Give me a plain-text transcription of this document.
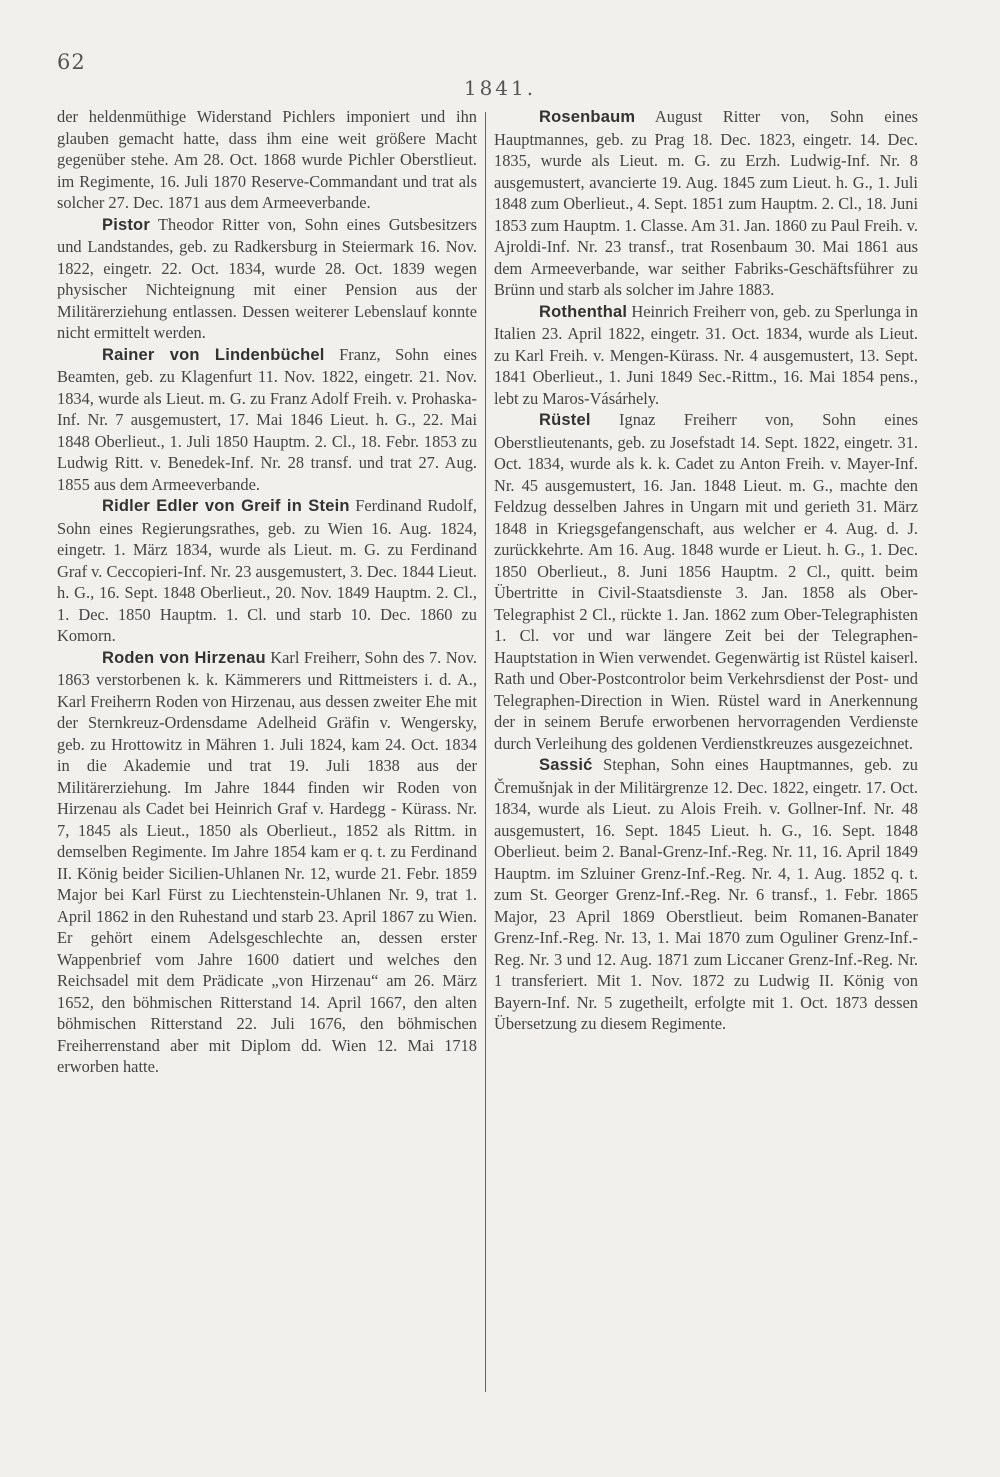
62
1841.

der heldenmüthige Widerstand Pichlers imponiert und ihn glauben gemacht hatte, dass ihm eine weit größere Macht gegenüber stehe. Am 28. Oct. 1868 wurde Pichler Oberstlieut. im Regimente, 16. Juli 1870 Reserve-Commandant und trat als solcher 27. Dec. 1871 aus dem Armeeverbande.

Pistor Theodor Ritter von, Sohn eines Gutsbesitzers und Landstandes, geb. zu Radkersburg in Steiermark 16. Nov. 1822, eingetr. 22. Oct. 1834, wurde 28. Oct. 1839 wegen physischer Nichteignung mit einer Pension aus der Militärerziehung entlassen. Dessen weiterer Lebenslauf konnte nicht ermittelt werden.

Rainer von Lindenbüchel Franz, Sohn eines Beamten, geb. zu Klagenfurt 11. Nov. 1822, eingetr. 21. Nov. 1834, wurde als Lieut. m. G. zu Franz Adolf Freih. v. Prohaska-Inf. Nr. 7 ausgemustert, 17. Mai 1846 Lieut. h. G., 22. Mai 1848 Oberlieut., 1. Juli 1850 Hauptm. 2. Cl., 18. Febr. 1853 zu Ludwig Ritt. v. Benedek-Inf. Nr. 28 transf. und trat 27. Aug. 1855 aus dem Armeeverbande.

Ridler Edler von Greif in Stein Ferdinand Rudolf, Sohn eines Regierungsrathes, geb. zu Wien 16. Aug. 1824, eingetr. 1. März 1834, wurde als Lieut. m. G. zu Ferdinand Graf v. Ceccopieri-Inf. Nr. 23 ausgemustert, 3. Dec. 1844 Lieut. h. G., 16. Sept. 1848 Oberlieut., 20. Nov. 1849 Hauptm. 2. Cl., 1. Dec. 1850 Hauptm. 1. Cl. und starb 10. Dec. 1860 zu Komorn.

Roden von Hirzenau Karl Freiherr, Sohn des 7. Nov. 1863 verstorbenen k. k. Kämmerers und Rittmeisters i. d. A., Karl Freiherrn Roden von Hirzenau, aus dessen zweiter Ehe mit der Sternkreuz-Ordensdame Adelheid Gräfin v. Wengersky, geb. zu Hrottowitz in Mähren 1. Juli 1824, kam 24. Oct. 1834 in die Akademie und trat 19. Juli 1838 aus der Militärerziehung. Im Jahre 1844 finden wir Roden von Hirzenau als Cadet bei Heinrich Graf v. Hardegg - Kürass. Nr. 7, 1845 als Lieut., 1850 als Oberlieut., 1852 als Rittm. in demselben Regimente. Im Jahre 1854 kam er q. t. zu Ferdinand II. König beider Sicilien-Uhlanen Nr. 12, wurde 21. Febr. 1859 Major bei Karl Fürst zu Liechtenstein-Uhlanen Nr. 9, trat 1. April 1862 in den Ruhestand und starb 23. April 1867 zu Wien. Er gehört einem Adelsgeschlechte an, dessen erster Wappenbrief vom Jahre 1600 datiert und welches den Reichsadel mit dem Prädicate „von Hirzenau“ am 26. März 1652, den böhmischen Ritterstand 14. April 1667, den alten böhmischen Ritterstand 22. Juli 1676, den böhmischen Freiherrenstand aber mit Diplom dd. Wien 12. Mai 1718 erworben hatte.

Rosenbaum August Ritter von, Sohn eines Hauptmannes, geb. zu Prag 18. Dec. 1823, eingetr. 14. Dec. 1835, wurde als Lieut. m. G. zu Erzh. Ludwig-Inf. Nr. 8 ausgemustert, avancierte 19. Aug. 1845 zum Lieut. h. G., 1. Juli 1848 zum Oberlieut., 4. Sept. 1851 zum Hauptm. 2. Cl., 18. Juni 1853 zum Hauptm. 1. Classe. Am 31. Jan. 1860 zu Paul Freih. v. Ajroldi-Inf. Nr. 23 transf., trat Rosenbaum 30. Mai 1861 aus dem Armeeverbande, war seither Fabriks-Geschäftsführer zu Brünn und starb als solcher im Jahre 1883.

Rothenthal Heinrich Freiherr von, geb. zu Sperlunga in Italien 23. April 1822, eingetr. 31. Oct. 1834, wurde als Lieut. zu Karl Freih. v. Mengen-Kürass. Nr. 4 ausgemustert, 13. Sept. 1841 Oberlieut., 1. Juni 1849 Sec.-Rittm., 16. Mai 1854 pens., lebt zu Maros-Vásárhely.

Rüstel Ignaz Freiherr von, Sohn eines Oberstlieutenants, geb. zu Josefstadt 14. Sept. 1822, eingetr. 31. Oct. 1834, wurde als k. k. Cadet zu Anton Freih. v. Mayer-Inf. Nr. 45 ausgemustert, 16. Jan. 1848 Lieut. m. G., machte den Feldzug desselben Jahres in Ungarn mit und gerieth 31. März 1848 in Kriegsgefangenschaft, aus welcher er 4. Aug. d. J. zurückkehrte. Am 16. Aug. 1848 wurde er Lieut. h. G., 1. Dec. 1850 Oberlieut., 8. Juni 1856 Hauptm. 2 Cl., quitt. beim Übertritte in Civil-Staatsdienste 3. Jan. 1858 als Ober-Telegraphist 2 Cl., rückte 1. Jan. 1862 zum Ober-Telegraphisten 1. Cl. vor und war längere Zeit bei der Telegraphen-Hauptstation in Wien verwendet. Gegenwärtig ist Rüstel kaiserl. Rath und Ober-Postcontrolor beim Verkehrsdienst der Post- und Telegraphen-Direction in Wien. Rüstel ward in Anerkennung der in seinem Berufe erworbenen hervorragenden Verdienste durch Verleihung des goldenen Verdienstkreuzes ausgezeichnet.

Sassić Stephan, Sohn eines Hauptmannes, geb. zu Čremušnjak in der Militärgrenze 12. Dec. 1822, eingetr. 17. Oct. 1834, wurde als Lieut. zu Alois Freih. v. Gollner-Inf. Nr. 48 ausgemustert, 16. Sept. 1845 Lieut. h. G., 16. Sept. 1848 Oberlieut. beim 2. Banal-Grenz-Inf.-Reg. Nr. 11, 16. April 1849 Hauptm. im Szluiner Grenz-Inf.-Reg. Nr. 4, 1. Aug. 1852 q. t. zum St. Georger Grenz-Inf.-Reg. Nr. 6 transf., 1. Febr. 1865 Major, 23 April 1869 Oberstlieut. beim Romanen-Banater Grenz-Inf.-Reg. Nr. 13, 1. Mai 1870 zum Oguliner Grenz-Inf.-Reg. Nr. 3 und 12. Aug. 1871 zum Liccaner Grenz-Inf.-Reg. Nr. 1 transferiert. Mit 1. Nov. 1872 zu Ludwig II. König von Bayern-Inf. Nr. 5 zugetheilt, erfolgte mit 1. Oct. 1873 dessen Übersetzung zu diesem Regimente.
